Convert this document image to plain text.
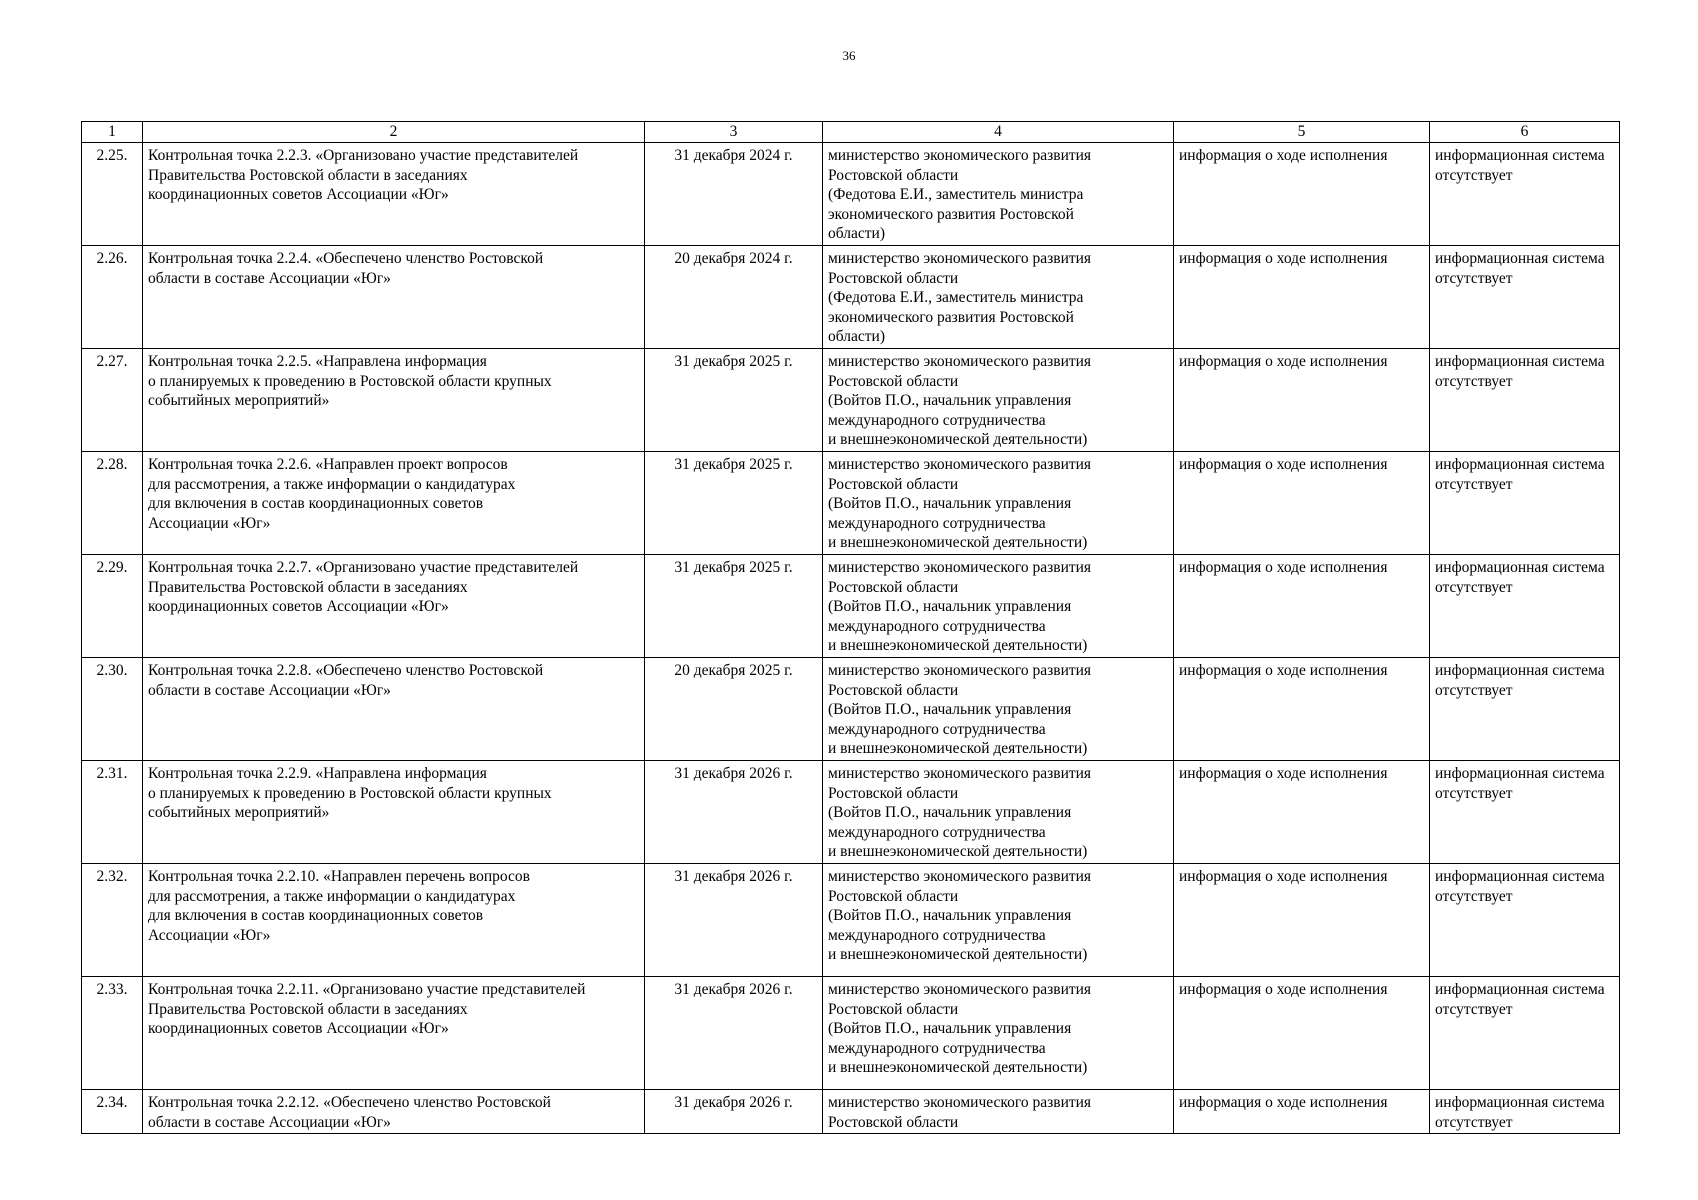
36
1	2	3	4	5	6
2.25.	Контрольная точка 2.2.3. «Организовано участие представителей
Правительства Ростовской области в заседаниях
координационных советов Ассоциации «Юг»	31 декабря 2024 г.	министерство экономического развития
Ростовской области
(Федотова Е.И., заместитель министра
экономического развития Ростовской
области)	информация о ходе исполнения	информационная система
отсутствует
2.26.	Контрольная точка 2.2.4. «Обеспечено членство Ростовской
области в составе Ассоциации «Юг»	20 декабря 2024 г.	министерство экономического развития
Ростовской области
(Федотова Е.И., заместитель министра
экономического развития Ростовской
области)	информация о ходе исполнения	информационная система
отсутствует
2.27.	Контрольная точка 2.2.5. «Направлена информация
о планируемых к проведению в Ростовской области крупных
событийных мероприятий»	31 декабря 2025 г.	министерство экономического развития
Ростовской области
(Войтов П.О., начальник управления
международного сотрудничества
и внешнеэкономической деятельности)	информация о ходе исполнения	информационная система
отсутствует
2.28.	Контрольная точка 2.2.6. «Направлен проект вопросов
для рассмотрения, а также информации о кандидатурах
для включения в состав координационных советов
Ассоциации «Юг»	31 декабря 2025 г.	министерство экономического развития
Ростовской области
(Войтов П.О., начальник управления
международного сотрудничества
и внешнеэкономической деятельности)	информация о ходе исполнения	информационная система
отсутствует
2.29.	Контрольная точка 2.2.7. «Организовано участие представителей
Правительства Ростовской области в заседаниях
координационных советов Ассоциации «Юг»	31 декабря 2025 г.	министерство экономического развития
Ростовской области
(Войтов П.О., начальник управления
международного сотрудничества
и внешнеэкономической деятельности)	информация о ходе исполнения	информационная система
отсутствует
2.30.	Контрольная точка 2.2.8. «Обеспечено членство Ростовской
области в составе Ассоциации «Юг»	20 декабря 2025 г.	министерство экономического развития
Ростовской области
(Войтов П.О., начальник управления
международного сотрудничества
и внешнеэкономической деятельности)	информация о ходе исполнения	информационная система
отсутствует
2.31.	Контрольная точка 2.2.9. «Направлена информация
о планируемых к проведению в Ростовской области крупных
событийных мероприятий»	31 декабря 2026 г.	министерство экономического развития
Ростовской области
(Войтов П.О., начальник управления
международного сотрудничества
и внешнеэкономической деятельности)	информация о ходе исполнения	информационная система
отсутствует
2.32.	Контрольная точка 2.2.10. «Направлен перечень вопросов
для рассмотрения, а также информации о кандидатурах
для включения в состав координационных советов
Ассоциации «Юг»	31 декабря 2026 г.	министерство экономического развития
Ростовской области
(Войтов П.О., начальник управления
международного сотрудничества
и внешнеэкономической деятельности)	информация о ходе исполнения	информационная система
отсутствует
2.33.	Контрольная точка 2.2.11. «Организовано участие представителей
Правительства Ростовской области в заседаниях
координационных советов Ассоциации «Юг»	31 декабря 2026 г.	министерство экономического развития
Ростовской области
(Войтов П.О., начальник управления
международного сотрудничества
и внешнеэкономической деятельности)	информация о ходе исполнения	информационная система
отсутствует
2.34.	Контрольная точка 2.2.12. «Обеспечено членство Ростовской
области в составе Ассоциации «Юг»	31 декабря 2026 г.	министерство экономического развития
Ростовской области	информация о ходе исполнения	информационная система
отсутствует
